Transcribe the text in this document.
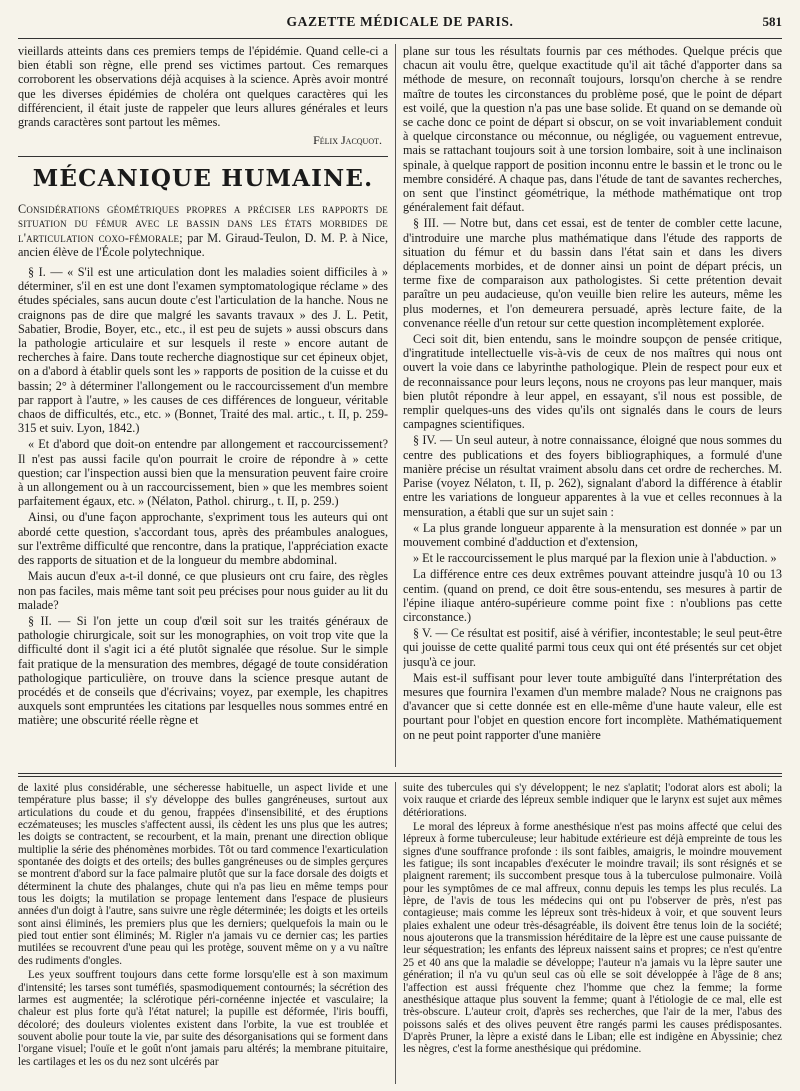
GAZETTE MÉDICALE DE PARIS.	581

vieillards atteints dans ces premiers temps de l'épidémie. Quand celle-ci a bien établi son règne, elle prend ses victimes partout. Ces remarques corroborent les observations déjà acquises à la science. Après avoir montré que les diverses épidémies de choléra ont quelques caractères qui les différencient, il était juste de rappeler que leurs allures générales et leurs grands caractères sont partout les mêmes.

Félix Jacquot.
MÉCANIQUE HUMAINE.
Considérations géométriques propres a préciser les rapports de situation du fémur avec le bassin dans les états morbides de l'articulation coxo-fémorale; par M. Giraud-Teulon, D. M. P. à Nice, ancien élève de l'École polytechnique.

§ I. — « S'il est une articulation dont les maladies soient difficiles à » déterminer, s'il en est une dont l'examen symptomatologique réclame » des études spéciales, sans aucun doute c'est l'articulation de la hanche. Nous ne craignons pas de dire que malgré les savants travaux » des J. L. Petit, Sabatier, Brodie, Boyer, etc., etc., il est peu de sujets » aussi obscurs dans la pathologie articulaire et sur lesquels il reste » encore autant de recherches à faire. Dans toute recherche diagnostique sur cet épineux objet, on a d'abord à établir quels sont les » rapports de position de la cuisse et du bassin; 2° à déterminer l'allongement ou le raccourcissement d'un membre par rapport à l'autre, » les causes de ces différences de longueur, véritable chaos de difficultés, etc., etc. » (Bonnet, Traité des mal. artic., t. II, p. 259-315 et suiv. Lyon, 1842.)

« Et d'abord que doit-on entendre par allongement et raccourcissement? Il n'est pas aussi facile qu'on pourrait le croire de répondre à » cette question; car l'inspection aussi bien que la mensuration peuvent faire croire à un allongement ou à un raccourcissement, bien » que les membres soient parfaitement égaux, etc. » (Nélaton, Pathol. chirurg., t. II, p. 259.)

Ainsi, ou d'une façon approchante, s'expriment tous les auteurs qui ont abordé cette question, s'accordant tous, après des préambules analogues, sur l'extrême difficulté que rencontre, dans la pratique, l'appréciation exacte des rapports de situation et de la longueur du membre abdominal.

Mais aucun d'eux a-t-il donné, ce que plusieurs ont cru faire, des règles non pas faciles, mais même tant soit peu précises pour nous guider au lit du malade?

§ II. — Si l'on jette un coup d'œil soit sur les traités généraux de pathologie chirurgicale, soit sur les monographies, on voit trop vite que la difficulté dont il s'agit ici a été plutôt signalée que résolue. Sur le simple fait pratique de la mensuration des membres, dégagé de toute considération pathologique particulière, on trouve dans la science presque autant de procédés et de conseils que d'écrivains; voyez, par exemple, les chapitres auxquels sont empruntées les citations par lesquelles nous sommes entré en matière; une obscurité réelle règne et

plane sur tous les résultats fournis par ces méthodes. Quelque précis que chacun ait voulu être, quelque exactitude qu'il ait tâché d'apporter dans sa méthode de mesure, on reconnaît toujours, lorsqu'on cherche à se rendre maître de toutes les circonstances du problème posé, que le point de départ est voilé, que la question n'a pas une base solide. Et quand on se demande où se cache donc ce point de départ si obscur, on se voit invariablement conduit à quelque circonstance ou méconnue, ou négligée, ou vaguement entrevue, mais se rattachant toujours soit à une torsion lombaire, soit à une inclinaison spinale, à quelque rapport de position inconnu entre le bassin et le tronc ou le membre considéré. A chaque pas, dans l'étude de tant de savantes recherches, on sent que l'instinct géométrique, la méthode mathématique ont trop généralement fait défaut.

§ III. — Notre but, dans cet essai, est de tenter de combler cette lacune, d'introduire une marche plus mathématique dans l'étude des rapports de situation du fémur et du bassin dans l'état sain et dans les divers déplacements morbides, et de donner ainsi un point de départ précis, un terme fixe de comparaison aux pathologistes. Si cette prétention devait paraître un peu audacieuse, qu'on veuille bien relire les auteurs, même les plus modernes, et l'on demeurera persuadé, après lecture faite, de la convenance réelle d'un retour sur cette question incomplètement explorée.

Ceci soit dit, bien entendu, sans le moindre soupçon de pensée critique, d'ingratitude intellectuelle vis-à-vis de ceux de nos maîtres qui nous ont ouvert la voie dans ce labyrinthe pathologique. Plein de respect pour eux et de reconnaissance pour leurs leçons, nous ne croyons pas leur manquer, mais bien plutôt répondre à leur appel, en essayant, s'il nous est possible, de remplir quelques-uns des vides qu'ils ont signalés dans le cours de leurs campagnes scientifiques.

§ IV. — Un seul auteur, à notre connaissance, éloigné que nous sommes du centre des publications et des foyers bibliographiques, a formulé d'une manière précise un résultat vraiment absolu dans cet ordre de recherches. M. Parise (voyez Nélaton, t. II, p. 262), signalant d'abord la différence à établir entre les variations de longueur apparentes à la vue et celles reconnues à la mensuration, a établi que sur un sujet sain :

« La plus grande longueur apparente à la mensuration est donnée » par un mouvement combiné d'adduction et d'extension,

» Et le raccourcissement le plus marqué par la flexion unie à l'abduction. »

La différence entre ces deux extrêmes pouvant atteindre jusqu'à 10 ou 13 centim. (quand on prend, ce doit être sous-entendu, ses mesures à partir de l'épine iliaque antéro-supérieure comme point fixe : n'oublions pas cette circonstance.)

§ V. — Ce résultat est positif, aisé à vérifier, incontestable; le seul peut-être qui jouisse de cette qualité parmi tous ceux qui ont été présentés sur cet objet jusqu'à ce jour.

Mais est-il suffisant pour lever toute ambiguïté dans l'interprétation des mesures que fournira l'examen d'un membre malade? Nous ne craignons pas d'avancer que si cette donnée est en elle-même d'une haute valeur, elle est pourtant pour l'objet en question encore fort incomplète. Mathématiquement on ne peut point rapporter d'une manière

de laxité plus considérable, une sécheresse habituelle, un aspect livide et une température plus basse; il s'y développe des bulles gangréneuses, surtout aux articulations du coude et du genou, frappées d'insensibilité, et des éruptions eczémateuses; les muscles s'affectent aussi, ils cèdent les uns plus que les autres; les doigts se contractent, se recourbent, et la main, prenant une direction oblique multiplie la série des phénomènes morbides. Tôt ou tard commence l'exarticulation spontanée des doigts et des orteils; des bulles gangréneuses ou de simples gerçures se montrent d'abord sur la face palmaire plutôt que sur la face dorsale des doigts et déterminent la chute des phalanges, chute qui n'a pas lieu en même temps pour tous les doigts; la mutilation se propage lentement dans l'espace de plusieurs années d'un doigt à l'autre, sans suivre une règle déterminée; les doigts et les orteils sont ainsi éliminés, les premiers plus que les derniers; quelquefois la main ou le pied tout entier sont éliminés; M. Rigler n'a jamais vu ce dernier cas; les parties mutilées se recouvrent d'une peau qui les protège, souvent même on y a vu naître des rudiments d'ongles.

Les yeux souffrent toujours dans cette forme lorsqu'elle est à son maximum d'intensité; les tarses sont tuméfiés, spasmodiquement contournés; la sécrétion des larmes est augmentée; la sclérotique péri-cornéenne injectée et vasculaire; la chaleur est plus forte qu'à l'état naturel; la pupille est déformée, l'iris bouffi, décoloré; des douleurs violentes existent dans l'orbite, la vue est troublée et souvent abolie pour toute la vie, par suite des désorganisations qui se forment dans l'organe visuel; l'ouïe et le goût n'ont jamais paru altérés; la membrane pituitaire, les cartilages et les os du nez sont ulcérés par

suite des tubercules qui s'y développent; le nez s'aplatit; l'odorat alors est aboli; la voix rauque et criarde des lépreux semble indiquer que le larynx est sujet aux mêmes détériorations.

Le moral des lépreux à forme anesthésique n'est pas moins affecté que celui des lépreux à forme tuberculeuse; leur habitude extérieure est déjà empreinte de tous les signes d'une souffrance profonde : ils sont faibles, amaigris, le moindre mouvement les fatigue; ils sont incapables d'exécuter le moindre travail; ils sont résignés et se plaignent rarement; ils succombent presque tous à la tuberculose pulmonaire. Voilà pour les symptômes de ce mal affreux, connu depuis les temps les plus reculés. La lèpre, de l'avis de tous les médecins qui ont pu l'observer de près, n'est pas contagieuse; mais comme les lépreux sont très-hideux à voir, et que souvent leurs plaies exhalent une odeur très-désagréable, ils doivent être tenus loin de la société; nous ajouterons que la transmission héréditaire de la lèpre est une cause puissante de leur séquestration; les enfants des lépreux naissent sains et propres; ce n'est qu'entre 25 et 40 ans que la maladie se développe; l'auteur n'a jamais vu la lèpre sauter une génération; il n'a vu qu'un seul cas où elle se soit développée à l'âge de 8 ans; l'affection est aussi fréquente chez l'homme que chez la femme; la forme anesthésique attaque plus souvent la femme; quant à l'étiologie de ce mal, elle est très-obscure. L'auteur croit, d'après ses recherches, que l'air de la mer, l'abus des poissons salés et des olives peuvent être rangés parmi les causes prédisposantes. D'après Pruner, la lèpre a existé dans le Liban; elle est indigène en Abyssinie; chez les nègres, c'est la forme anesthésique qui prédomine.
